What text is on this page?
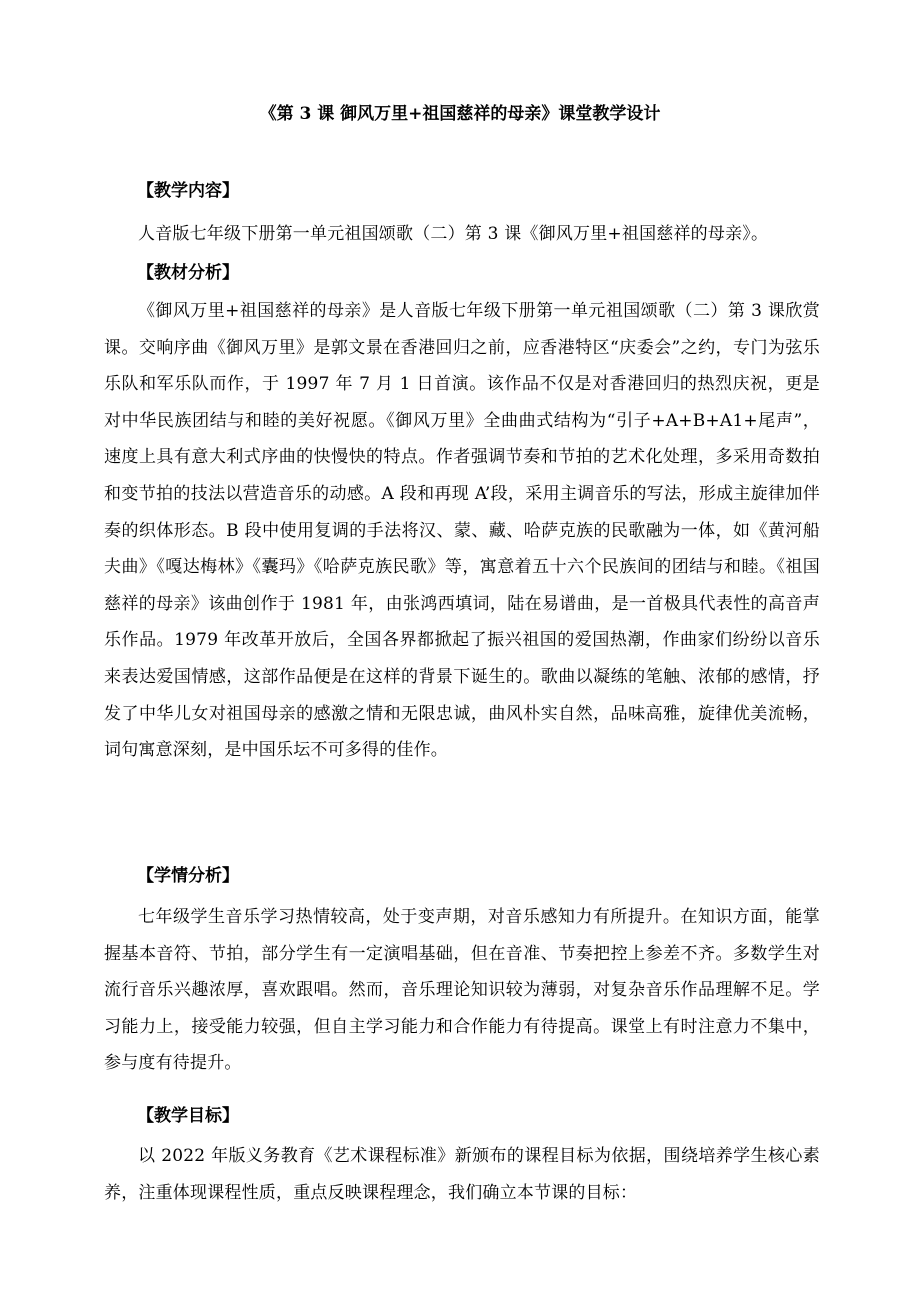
《第 3 课 御风万里+祖国慈祥的母亲》课堂教学设计
【教学内容】

人音版七年级下册第一单元祖国颂歌（二）第 3 课《御风万里+祖国慈祥的母亲》。

【教材分析】

《御风万里+祖国慈祥的母亲》是人音版七年级下册第一单元祖国颂歌（二）第 3 课欣赏课。交响序曲《御风万里》是郭文景在香港回归之前，应香港特区“庆委会”之约，专门为弦乐乐队和军乐队而作，于 1997 年 7 月 1 日首演。该作品不仅是对香港回归的热烈庆祝，更是对中华民族团结与和睦的美好祝愿。《御风万里》全曲曲式结构为“引子+A+B+A1+尾声”，速度上具有意大利式序曲的快慢快的特点。作者强调节奏和节拍的艺术化处理，多采用奇数拍和变节拍的技法以营造音乐的动感。A 段和再现 A’段，采用主调音乐的写法，形成主旋律加伴奏的织体形态。B 段中使用复调的手法将汉、蒙、藏、哈萨克族的民歌融为一体，如《黄河船夫曲》《嘎达梅林》《囊玛》《哈萨克族民歌》等，寓意着五十六个民族间的团结与和睦。《祖国慈祥的母亲》该曲创作于 1981 年，由张鸿西填词，陆在易谱曲，是一首极具代表性的高音声乐作品。1979 年改革开放后，全国各界都掀起了振兴祖国的爱国热潮，作曲家们纷纷以音乐来表达爱国情感，这部作品便是在这样的背景下诞生的。歌曲以凝练的笔触、浓郁的感情，抒发了中华儿女对祖国母亲的感激之情和无限忠诚，曲风朴实自然，品味高雅，旋律优美流畅，词句寓意深刻，是中国乐坛不可多得的佳作。

【学情分析】

七年级学生音乐学习热情较高，处于变声期，对音乐感知力有所提升。在知识方面，能掌握基本音符、节拍，部分学生有一定演唱基础，但在音准、节奏把控上参差不齐。多数学生对流行音乐兴趣浓厚，喜欢跟唱。然而，音乐理论知识较为薄弱，对复杂音乐作品理解不足。学习能力上，接受能力较强，但自主学习能力和合作能力有待提高。课堂上有时注意力不集中，参与度有待提升。

【教学目标】

以 2022 年版义务教育《艺术课程标准》新颁布的课程目标为依据，围绕培养学生核心素养，注重体现课程性质，重点反映课程理念，我们确立本节课的目标：
